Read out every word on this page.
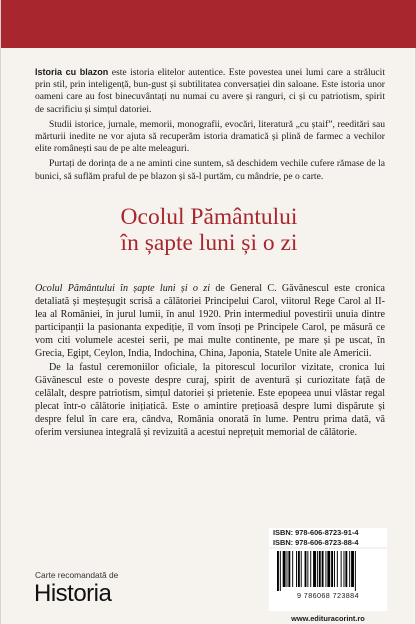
Istoria cu blazon este istoria elitelor autentice. Este povestea unei lumi care a strălucit prin stil, prin inteligență, bun-gust și subtilitatea conversației din saloane. Este istoria unor oameni care au fost binecuvântați nu numai cu avere și ranguri, ci și cu patriotism, spirit de sacrificiu și simțul datoriei.

Studii istorice, jurnale, memorii, monografii, evocări, literatură „cu ștaif”, reeditări sau mărturii inedite ne vor ajuta să recuperăm istoria dramatică și plină de farmec a vechilor elite românești sau de pe alte meleaguri.

Purtați de dorința de a ne aminti cine suntem, să deschidem vechile cufere rămase de la bunici, să suflăm praful de pe blazon și să-l purtăm, cu mândrie, pe o carte.

Ocolul Pământului
în șapte luni și o zi

Ocolul Pământului în șapte luni și o zi de General C. Găvănescul este cronica detaliată și meșteșugit scrisă a călătoriei Principelui Carol, viitorul Rege Carol al II-lea al României, în jurul lumii, în anul 1920. Prin intermediul povestirii unuia dintre participanții la pasionanta expediție, îl vom însoți pe Principele Carol, pe măsură ce vom citi volumele acestei serii, pe mai multe continente, pe mare și pe uscat, în Grecia, Egipt, Ceylon, India, Indochina, China, Japonia, Statele Unite ale Americii.

De la fastul ceremoniilor oficiale, la pitorescul locurilor vizitate, cronica lui Găvănescul este o poveste despre curaj, spirit de aventură și curiozitate față de celălalt, despre patriotism, simțul datoriei și prietenie. Este epopeea unui vlăstar regal plecat într-o călătorie inițiatică. Este o amintire prețioasă despre lumi dispărute și despre felul în care era, cândva, România onorată în lume. Pentru prima dată, vă oferim versiunea integrală și revizuită a acestui neprețuit memorial de călătorie.

Carte recomandată de
Historia
ISBN: 978-606-8723-91-4
ISBN: 978-606-8723-88-4
9 786068 723884
www.edituracorint.ro
